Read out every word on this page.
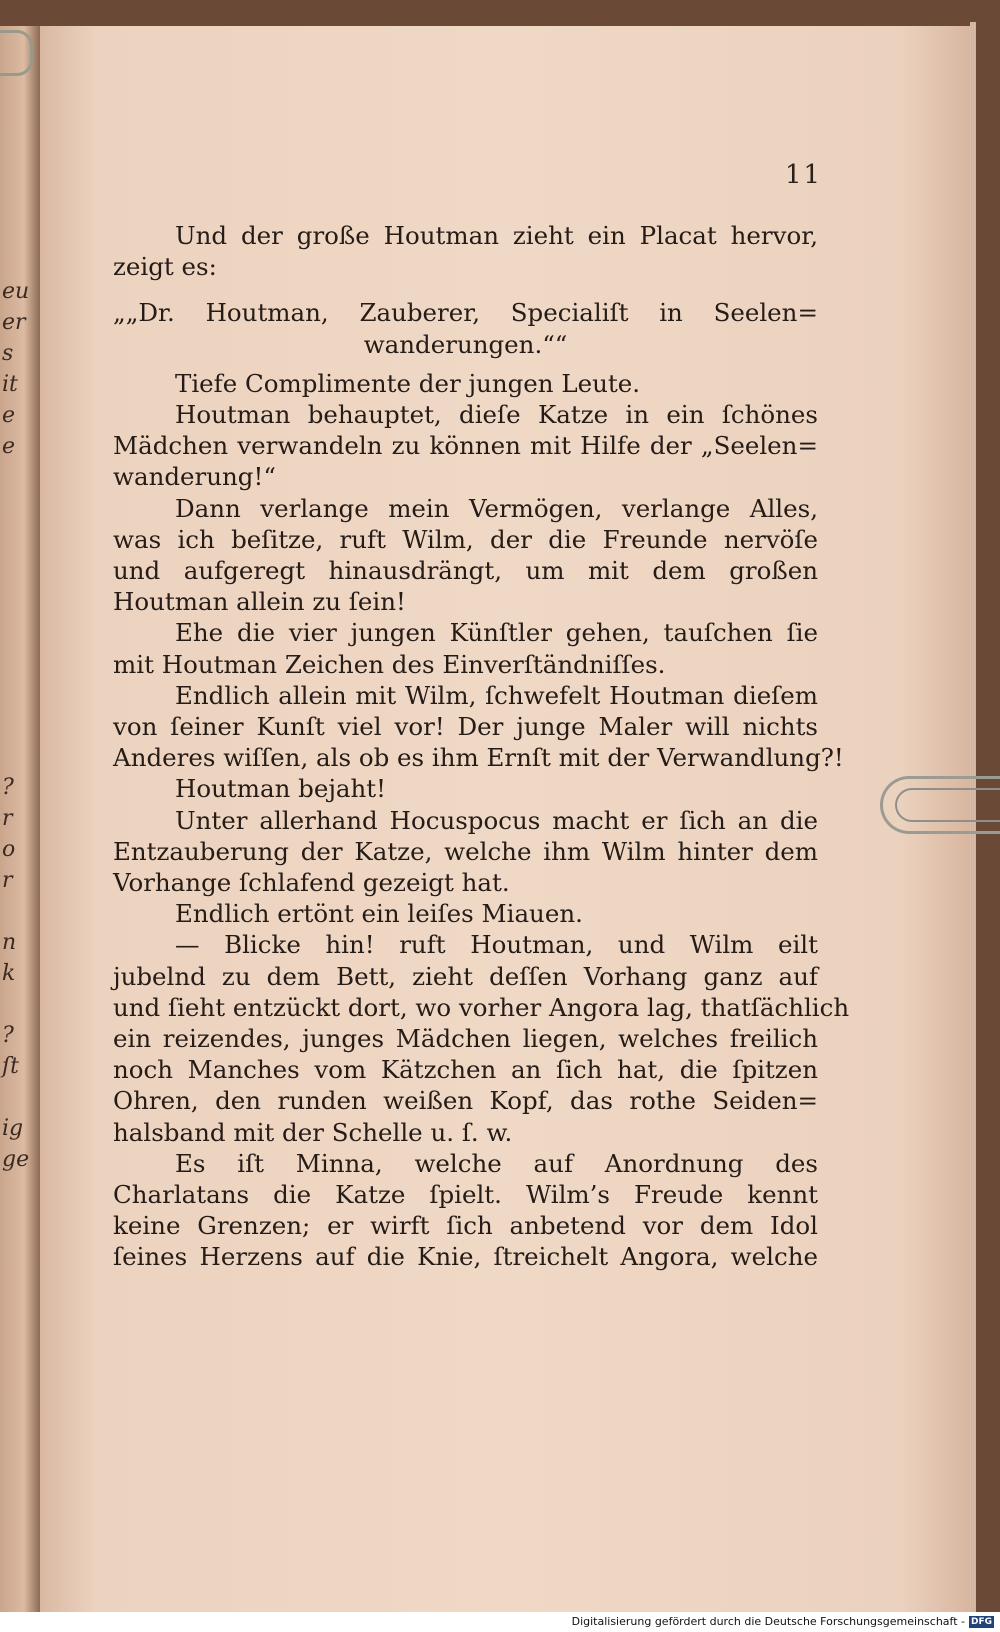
eu
er
s
it
e
e
?
r
o
r
n
k
?
ſt
ig
ge
11
Und der große Houtman zieht ein Placat hervor,
zeigt es:
„„Dr. Houtman, Zauberer, Specialiſt in Seelen=
wanderungen.““
Tiefe Complimente der jungen Leute.
Houtman behauptet, dieſe Katze in ein ſchönes
Mädchen verwandeln zu können mit Hilfe der „Seelen=
wanderung!“
Dann verlange mein Vermögen, verlange Alles,
was ich beſitze, ruft Wilm, der die Freunde nervöſe
und aufgeregt hinausdrängt, um mit dem großen
Houtman allein zu ſein!
Ehe die vier jungen Künſtler gehen, tauſchen ſie
mit Houtman Zeichen des Einverſtändniſſes.
Endlich allein mit Wilm, ſchwefelt Houtman dieſem
von ſeiner Kunſt viel vor! Der junge Maler will nichts
Anderes wiſſen, als ob es ihm Ernſt mit der Verwandlung?!
Houtman bejaht!
Unter allerhand Hocuspocus macht er ſich an die
Entzauberung der Katze, welche ihm Wilm hinter dem
Vorhange ſchlafend gezeigt hat.
Endlich ertönt ein leiſes Miauen.
— Blicke hin! ruft Houtman, und Wilm eilt
jubelnd zu dem Bett, zieht deſſen Vorhang ganz auf
und ſieht entzückt dort, wo vorher Angora lag, thatſächlich
ein reizendes, junges Mädchen liegen, welches freilich
noch Manches vom Kätzchen an ſich hat, die ſpitzen
Ohren, den runden weißen Kopf, das rothe Seiden=
halsband mit der Schelle u. ſ. w.
Es iſt Minna, welche auf Anordnung des
Charlatans die Katze ſpielt. Wilm’s Freude kennt
keine Grenzen; er wirft ſich anbetend vor dem Idol
ſeines Herzens auf die Knie, ſtreichelt Angora, welche
Digitalisierung gefördert durch die Deutsche Forschungsgemeinschaft - DFG
